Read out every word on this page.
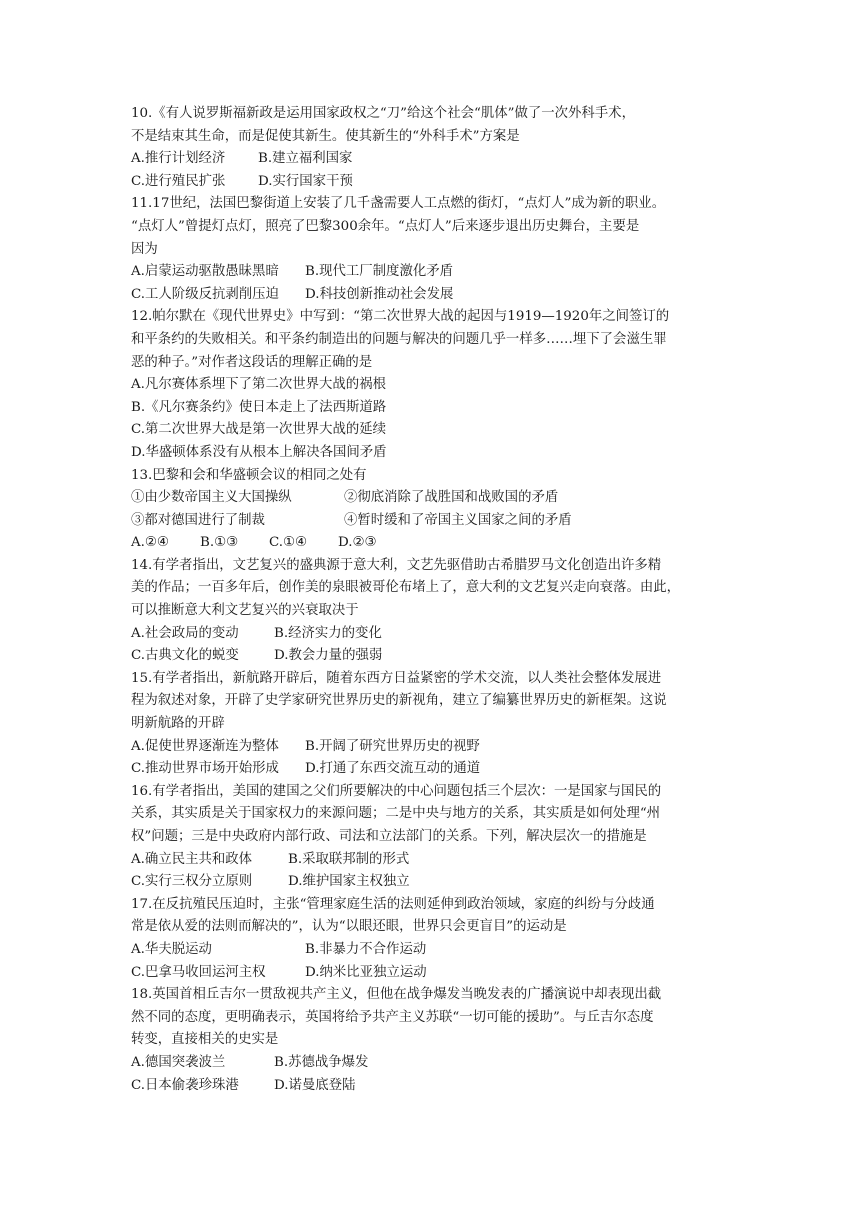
10.《有人说罗斯福新政是运用国家政权之“刀”给这个社会“肌体”做了一次外科手术，
不是结束其生命，而是促使其新生。使其新生的“外科手术”方案是
A.推行计划经济 B.建立福利国家
C.进行殖民扩张 D.实行国家干预
11.17世纪，法国巴黎街道上安装了几千盏需要人工点燃的街灯，“点灯人”成为新的职业。
“点灯人”曾提灯点灯，照亮了巴黎300余年。“点灯人”后来逐步退出历史舞台，主要是
因为
A.启蒙运动驱散愚昧黑暗 B.现代工厂制度激化矛盾
C.工人阶级反抗剥削压迫 D.科技创新推动社会发展
12.帕尔默在《现代世界史》中写到：“第二次世界大战的起因与1919—1920年之间签订的
和平条约的失败相关。和平条约制造出的问题与解决的问题几乎一样多……埋下了会滋生罪
恶的种子。”对作者这段话的理解正确的是
A.凡尔赛体系埋下了第二次世界大战的祸根
B.《凡尔赛条约》使日本走上了法西斯道路
C.第二次世界大战是第一次世界大战的延续
D.华盛顿体系没有从根本上解决各国间矛盾
13.巴黎和会和华盛顿会议的相同之处有
①由少数帝国主义大国操纵	②彻底消除了战胜国和战败国的矛盾
③都对德国进行了制裁	④暂时缓和了帝国主义国家之间的矛盾
A.②④ B.①③ C.①④ D.②③
14.有学者指出，文艺复兴的盛典源于意大利，文艺先驱借助古希腊罗马文化创造出许多精
美的作品；一百多年后，创作美的泉眼被哥伦布堵上了，意大利的文艺复兴走向衰落。由此，
可以推断意大利文艺复兴的兴衰取决于
A.社会政局的变动	B.经济实力的变化
C.古典文化的蜕变	D.教会力量的强弱
15.有学者指出，新航路开辟后，随着东西方日益紧密的学术交流，以人类社会整体发展进
程为叙述对象，开辟了史学家研究世界历史的新视角，建立了编纂世界历史的新框架。这说
明新航路的开辟
A.促使世界逐渐连为整体 B.开阔了研究世界历史的视野
C.推动世界市场开始形成 D.打通了东西交流互动的通道
16.有学者指出，美国的建国之父们所要解决的中心问题包括三个层次：一是国家与国民的
关系，其实质是关于国家权力的来源问题；二是中央与地方的关系，其实质是如何处理“州
权”问题；三是中央政府内部行政、司法和立法部门的关系。下列，解决层次一的措施是
A.确立民主共和政体	B.采取联邦制的形式
C.实行三权分立原则	D.维护国家主权独立
17.在反抗殖民压迫时，主张“管理家庭生活的法则延伸到政治领域，家庭的纠纷与分歧通
常是依从爱的法则而解决的”，认为“以眼还眼，世界只会更盲目”的运动是
A.华夫脱运动	B.非暴力不合作运动
C.巴拿马收回运河主权	D.纳米比亚独立运动
18.英国首相丘吉尔一贯敌视共产主义，但他在战争爆发当晚发表的广播演说中却表现出截
然不同的态度，更明确表示，英国将给予共产主义苏联“一切可能的援助”。与丘吉尔态度
转变，直接相关的史实是
A.德国突袭波兰	B.苏德战争爆发
C.日本偷袭珍珠港	D.诺曼底登陆
